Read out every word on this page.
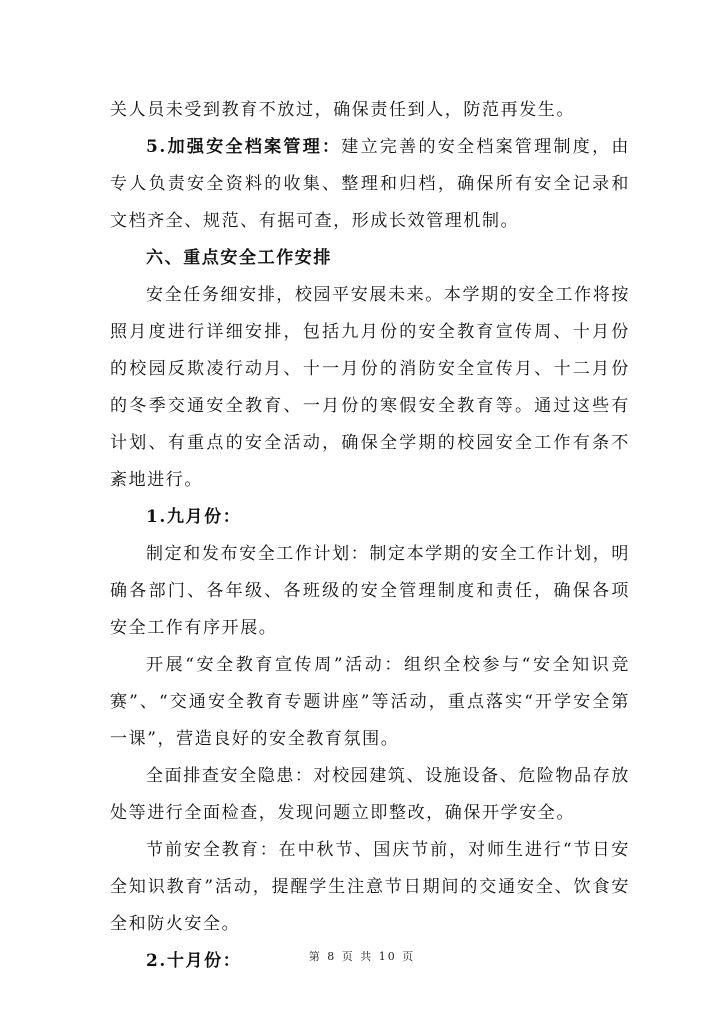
关人员未受到教育不放过，确保责任到人，防范再发生。

5.加强安全档案管理：建立完善的安全档案管理制度，由专人负责安全资料的收集、整理和归档，确保所有安全记录和文档齐全、规范、有据可查，形成长效管理机制。

六、重点安全工作安排

安全任务细安排，校园平安展未来。本学期的安全工作将按照月度进行详细安排，包括九月份的安全教育宣传周、十月份的校园反欺凌行动月、十一月份的消防安全宣传月、十二月份的冬季交通安全教育、一月份的寒假安全教育等。通过这些有计划、有重点的安全活动，确保全学期的校园安全工作有条不紊地进行。

1.九月份：

制定和发布安全工作计划：制定本学期的安全工作计划，明确各部门、各年级、各班级的安全管理制度和责任，确保各项安全工作有序开展。

开展“安全教育宣传周”活动：组织全校参与“安全知识竞赛”、“交通安全教育专题讲座”等活动，重点落实“开学安全第一课”，营造良好的安全教育氛围。

全面排查安全隐患：对校园建筑、设施设备、危险物品存放处等进行全面检查，发现问题立即整改，确保开学安全。

节前安全教育：在中秋节、国庆节前，对师生进行“节日安全知识教育”活动，提醒学生注意节日期间的交通安全、饮食安全和防火安全。

2.十月份：	第 8 页 共 10 页
